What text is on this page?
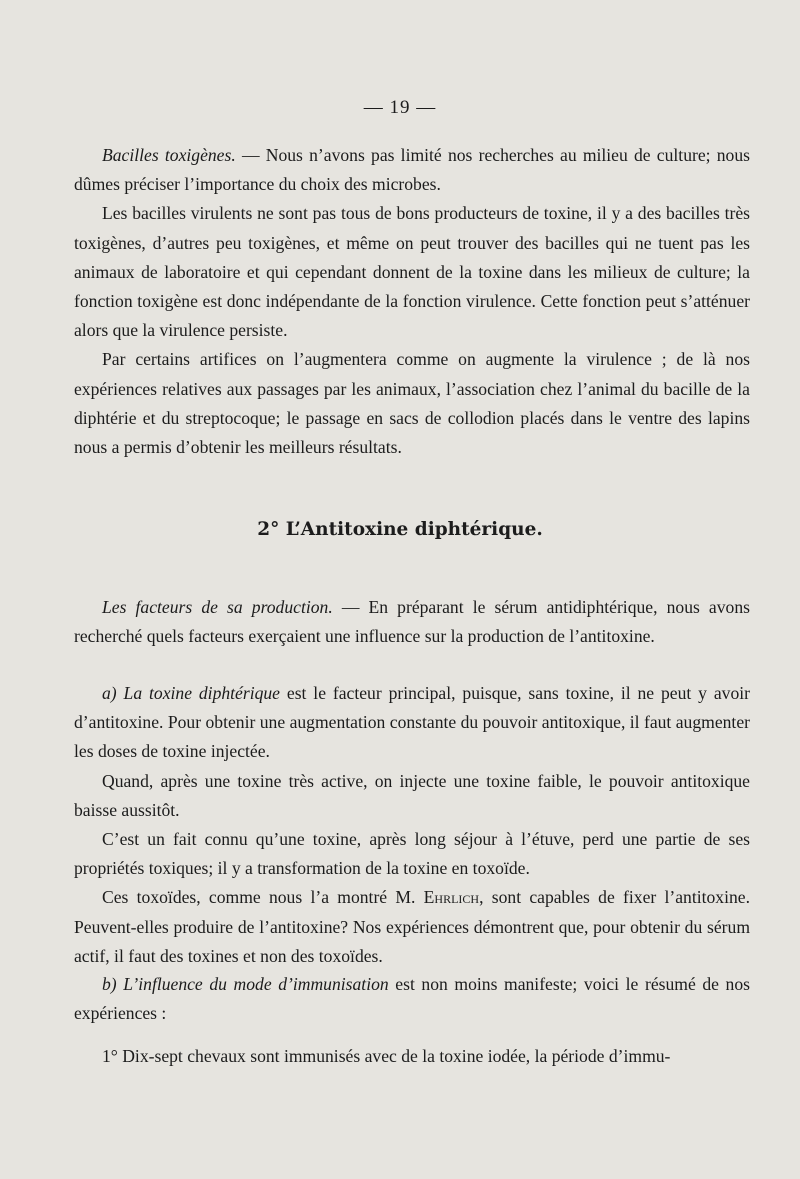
— 19 —

Bacilles toxigènes. — Nous n’avons pas limité nos recherches au milieu de culture; nous dûmes préciser l’importance du choix des microbes.

Les bacilles virulents ne sont pas tous de bons producteurs de toxine, il y a des bacilles très toxigènes, d’autres peu toxigènes, et même on peut trouver des bacilles qui ne tuent pas les animaux de laboratoire et qui cependant donnent de la toxine dans les milieux de culture; la fonction toxigène est donc indépendante de la fonction virulence. Cette fonction peut s’atténuer alors que la virulence persiste.

Par certains artifices on l’augmentera comme on augmente la virulence ; de là nos expériences relatives aux passages par les animaux, l’association chez l’animal du bacille de la diphtérie et du streptocoque; le passage en sacs de collodion placés dans le ventre des lapins nous a permis d’obtenir les meilleurs résultats.

2° L’Antitoxine diphtérique.

Les facteurs de sa production. — En préparant le sérum antidiphtérique, nous avons recherché quels facteurs exerçaient une influence sur la production de l’antitoxine.

a) La toxine diphtérique est le facteur principal, puisque, sans toxine, il ne peut y avoir d’antitoxine. Pour obtenir une augmentation constante du pouvoir antitoxique, il faut augmenter les doses de toxine injectée.

Quand, après une toxine très active, on injecte une toxine faible, le pouvoir antitoxique baisse aussitôt.

C’est un fait connu qu’une toxine, après long séjour à l’étuve, perd une partie de ses propriétés toxiques; il y a transformation de la toxine en toxoïde.

Ces toxoïdes, comme nous l’a montré M. Ehrlich, sont capables de fixer l’antitoxine. Peuvent-elles produire de l’antitoxine? Nos expériences démontrent que, pour obtenir du sérum actif, il faut des toxines et non des toxoïdes.

b) L’influence du mode d’immunisation est non moins manifeste; voici le résumé de nos expériences :

1° Dix-sept chevaux sont immunisés avec de la toxine iodée, la période d’immu-
